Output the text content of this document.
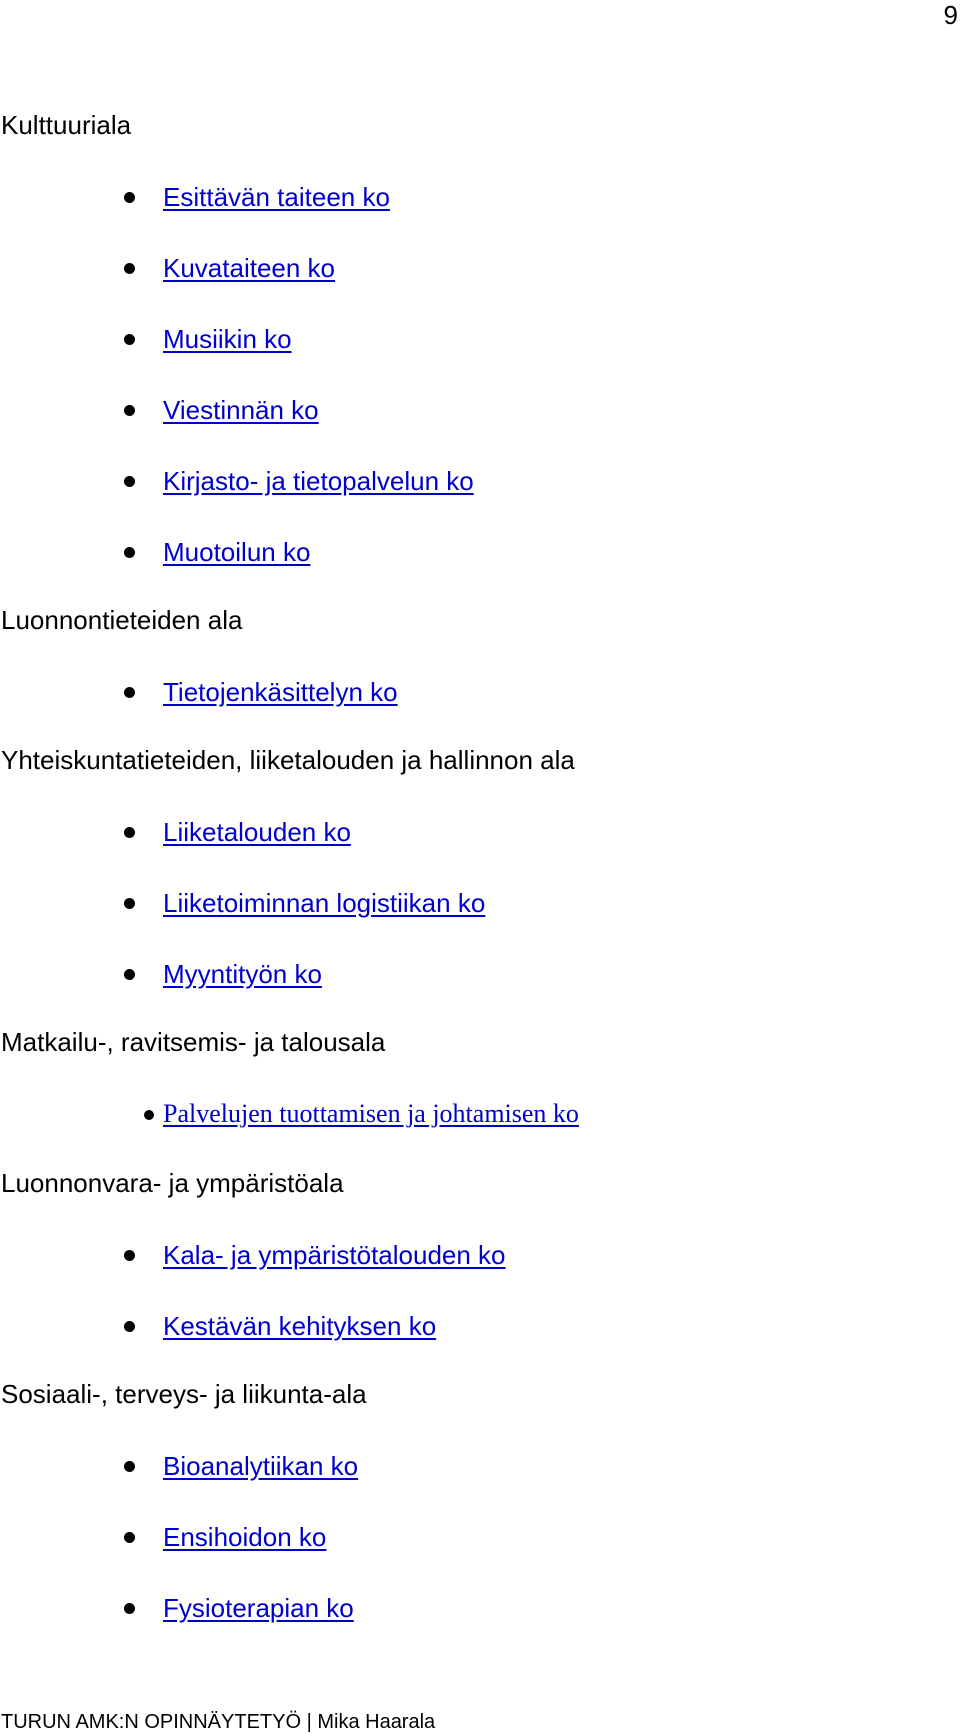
9
Kulttuuriala
Esittävän taiteen ko
Kuvataiteen ko
Musiikin ko
Viestinnän ko
Kirjasto- ja tietopalvelun ko
Muotoilun ko
Luonnontieteiden ala
Tietojenkäsittelyn ko
Yhteiskuntatieteiden, liiketalouden ja hallinnon ala
Liiketalouden ko
Liiketoiminnan logistiikan ko
Myyntityön ko
Matkailu-, ravitsemis- ja talousala
Palvelujen tuottamisen ja johtamisen ko
Luonnonvara- ja ympäristöala
Kala- ja ympäristötalouden ko
Kestävän kehityksen ko
Sosiaali-, terveys- ja liikunta-ala
Bioanalytiikan ko
Ensihoidon ko
Fysioterapian ko
TURUN AMK:N OPINNÄYTETYÖ | Mika Haarala
